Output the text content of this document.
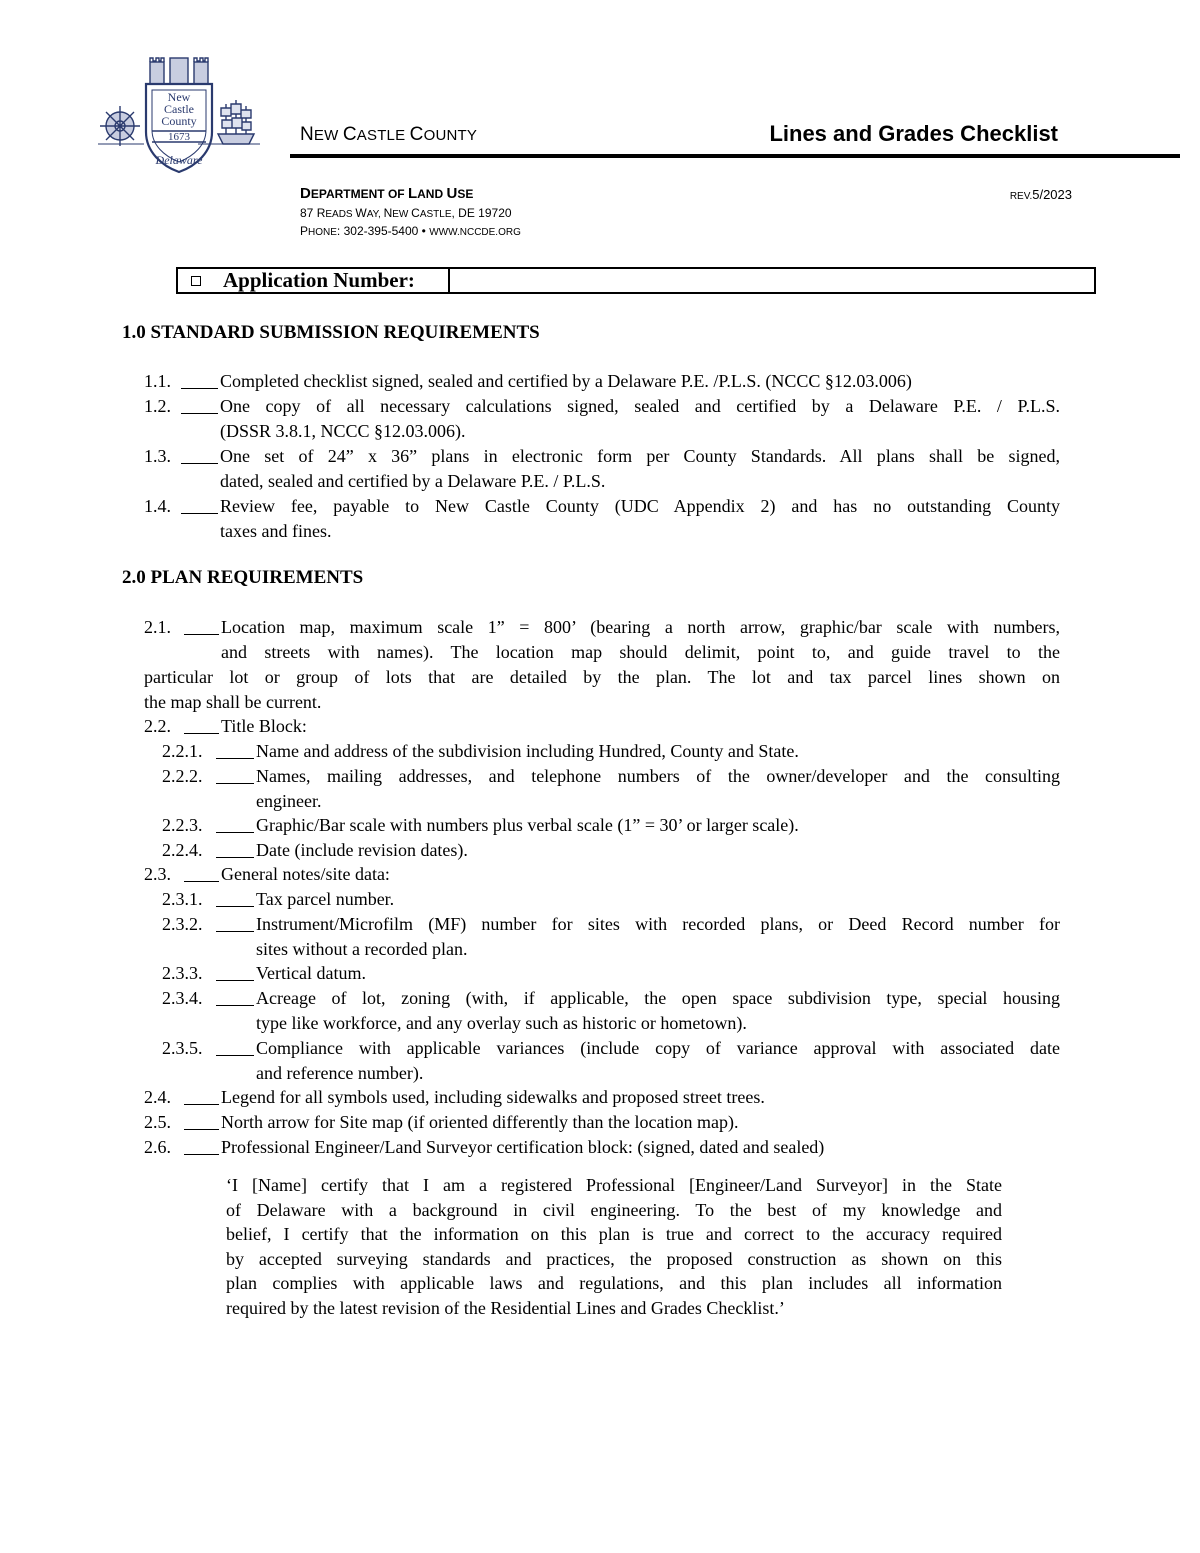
New
Castle
County
1673
Delaware
NEW CASTLE COUNTY	Lines and Grades Checklist
DEPARTMENT OF LAND USE	REV.5/2023
87 READS WAY, NEW CASTLE, DE 19720
PHONE: 302-395-5400 • WWW.NCCDE.ORG
Application Number:
1.0 STANDARD SUBMISSION REQUIREMENTS
1.1.	Completed checklist signed, sealed and certified by a Delaware P.E. /P.L.S. (NCCC §12.03.006)
1.2.	One copy of all necessary calculations signed, sealed and certified by a Delaware P.E. / P.L.S.
(DSSR 3.8.1, NCCC §12.03.006).
1.3.	One set of 24” x 36” plans in electronic form per County Standards. All plans shall be signed,
dated, sealed and certified by a Delaware P.E. / P.L.S.
1.4.	Review fee, payable to New Castle County (UDC Appendix 2) and has no outstanding County
taxes and fines.
2.0 PLAN REQUIREMENTS
2.1.	Location map, maximum scale 1” = 800’ (bearing a north arrow, graphic/bar scale with numbers,
and streets with names). The location map should delimit, point to, and guide travel to the
particular lot or group of lots that are detailed by the plan. The lot and tax parcel lines shown on
the map shall be current.
2.2.	Title Block:
2.2.1.	Name and address of the subdivision including Hundred, County and State.
2.2.2.	Names, mailing addresses, and telephone numbers of the owner/developer and the consulting
engineer.
2.2.3.	Graphic/Bar scale with numbers plus verbal scale (1” = 30’ or larger scale).
2.2.4.	Date (include revision dates).
2.3.	General notes/site data:
2.3.1.	Tax parcel number.
2.3.2.	Instrument/Microfilm (MF) number for sites with recorded plans, or Deed Record number for
sites without a recorded plan.
2.3.3.	Vertical datum.
2.3.4.	Acreage of lot, zoning (with, if applicable, the open space subdivision type, special housing
type like workforce, and any overlay such as historic or hometown).
2.3.5.	Compliance with applicable variances (include copy of variance approval with associated date
and reference number).
2.4.	Legend for all symbols used, including sidewalks and proposed street trees.
2.5.	North arrow for Site map (if oriented differently than the location map).
2.6.	Professional Engineer/Land Surveyor certification block: (signed, dated and sealed)
‘I [Name] certify that I am a registered Professional [Engineer/Land Surveyor] in the State
of Delaware with a background in civil engineering. To the best of my knowledge and
belief, I certify that the information on this plan is true and correct to the accuracy required
by accepted surveying standards and practices, the proposed construction as shown on this
plan complies with applicable laws and regulations, and this plan includes all information
required by the latest revision of the Residential Lines and Grades Checklist.’
